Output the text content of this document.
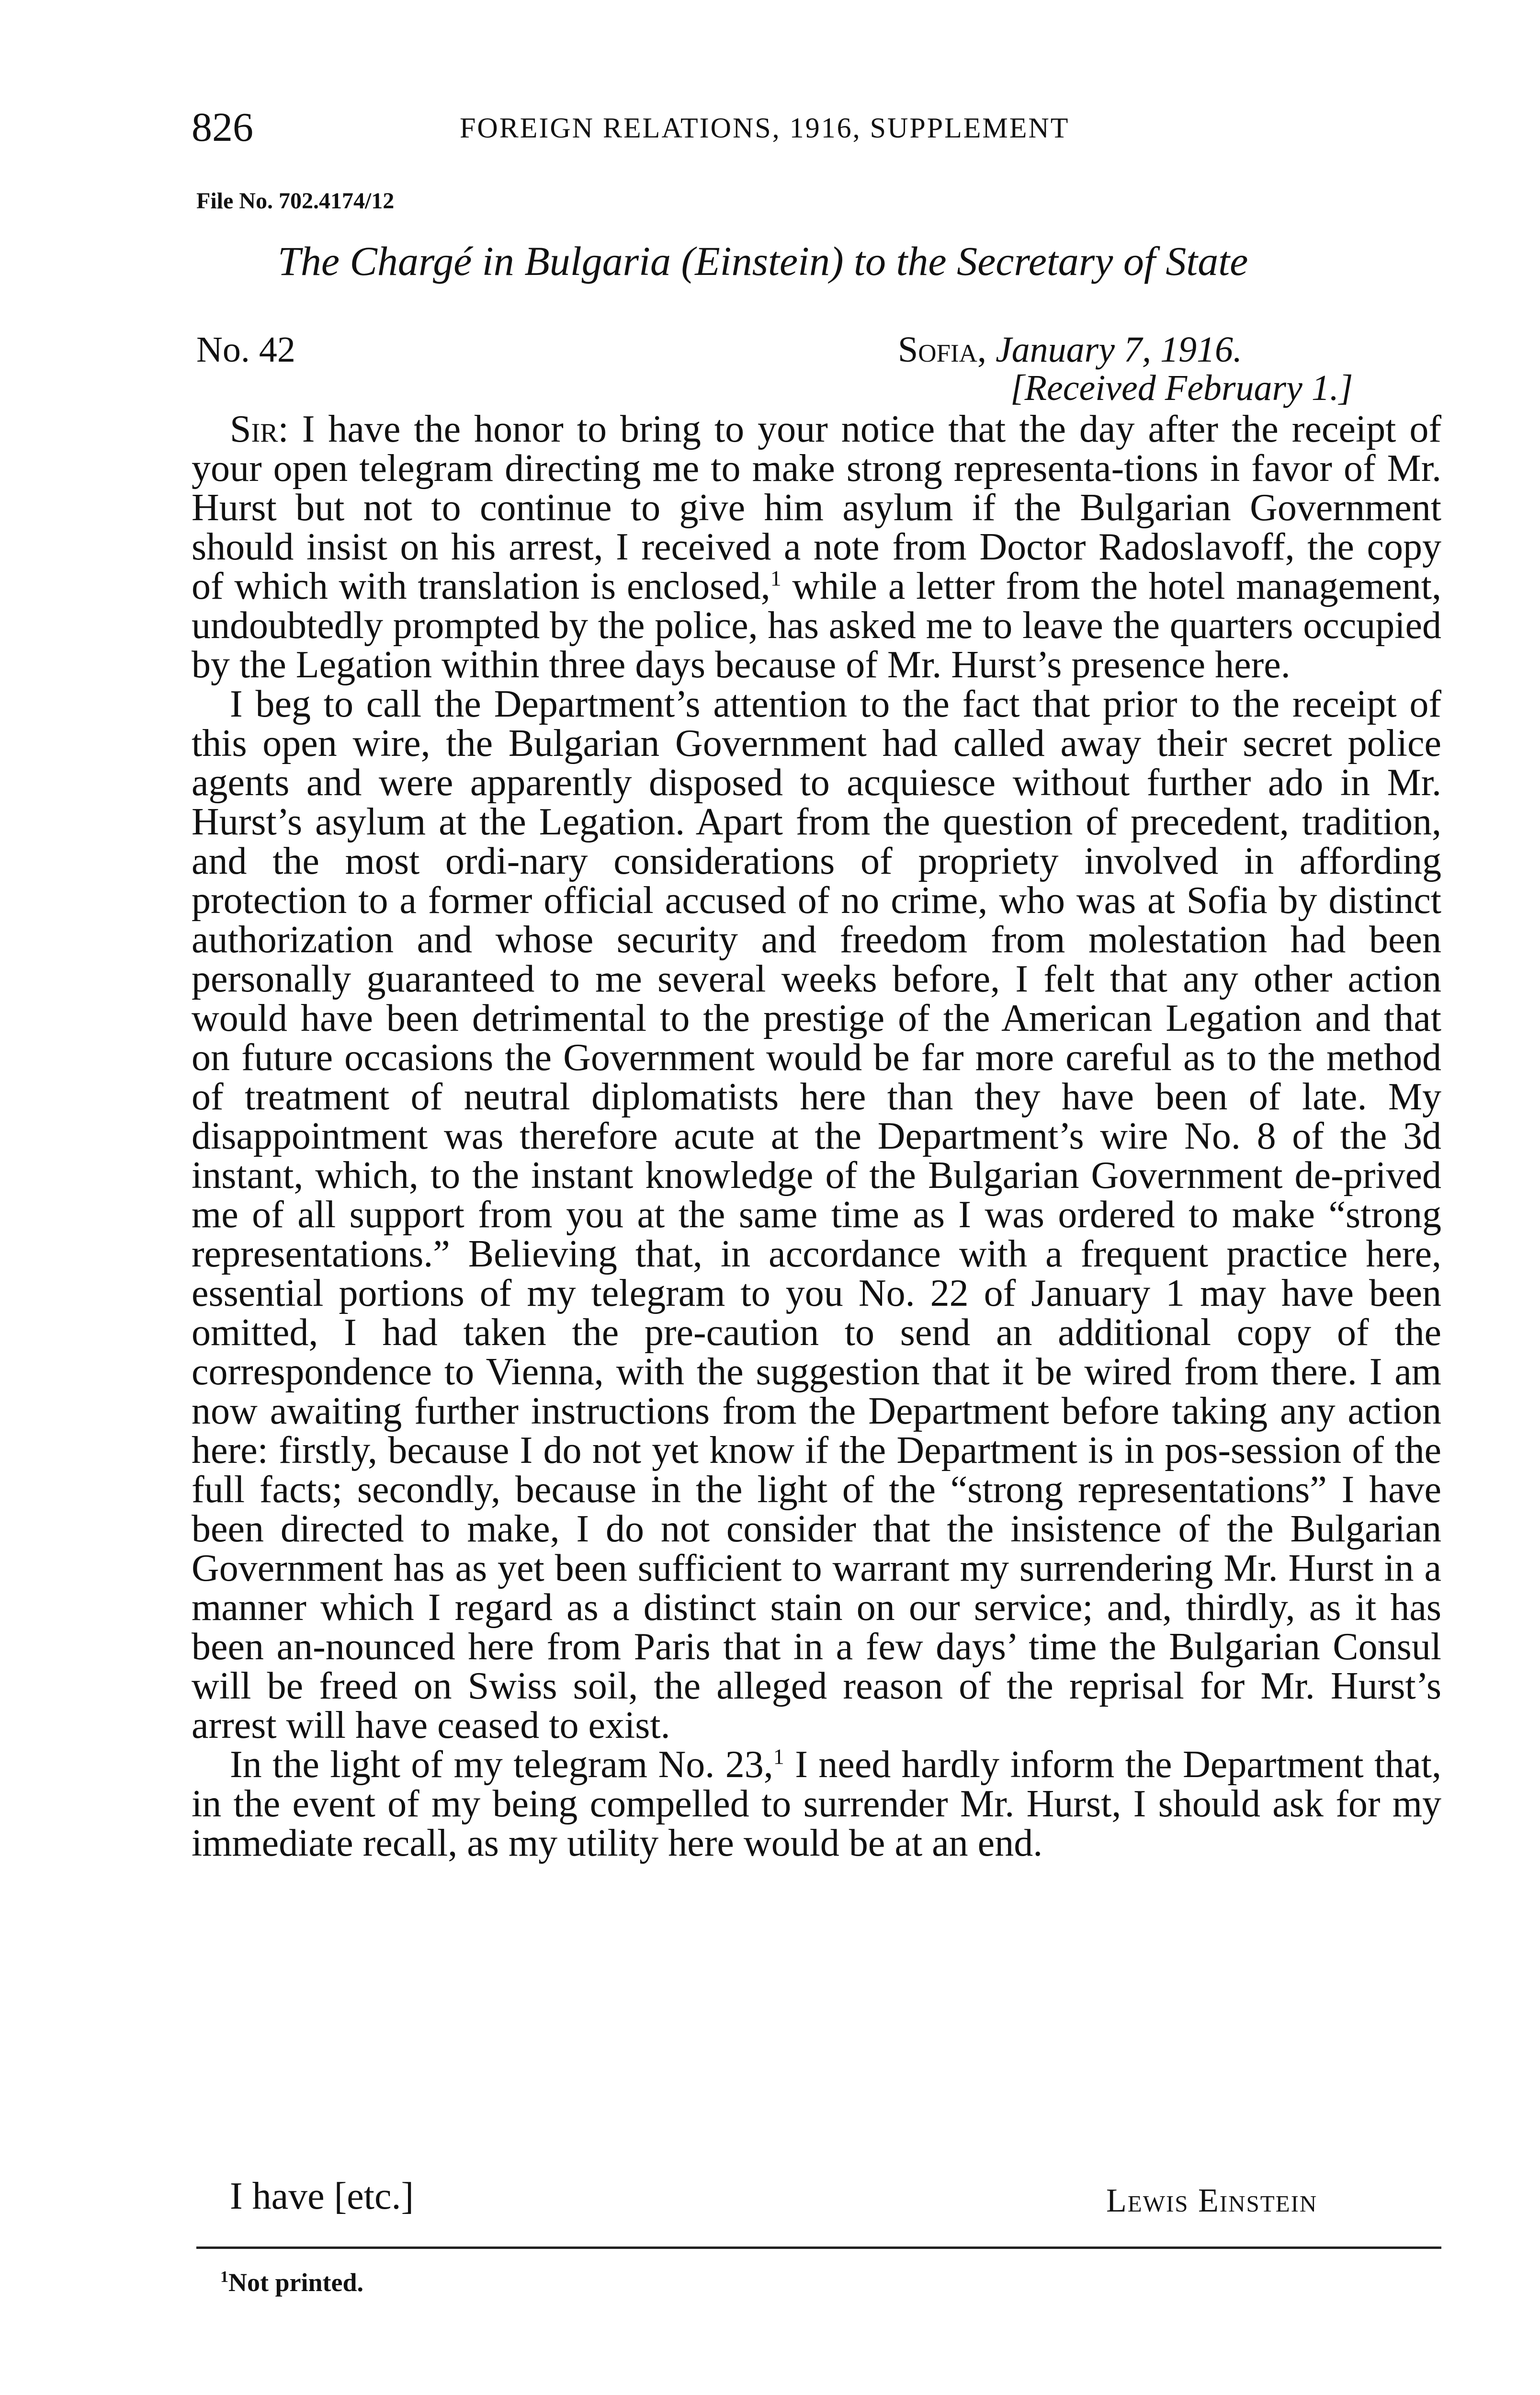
826	FOREIGN RELATIONS, 1916, SUPPLEMENT
File No. 702.4174/12
The Chargé in Bulgaria (Einstein) to the Secretary of State
No. 42	Sofia, January 7, 1916.
[Received February 1.]

Sir: I have the honor to bring to your notice that the day after the receipt of your open telegram directing me to make strong representa-tions in favor of Mr. Hurst but not to continue to give him asylum if the Bulgarian Government should insist on his arrest, I received a note from Doctor Radoslavoff, the copy of which with translation is enclosed,$^1$ while a letter from the hotel management, undoubtedly prompted by the police, has asked me to leave the quarters occupied by the Legation within three days because of Mr. Hurst’s presence here.

I beg to call the Department’s attention to the fact that prior to the receipt of this open wire, the Bulgarian Government had called away their secret police agents and were apparently disposed to acquiesce without further ado in Mr. Hurst’s asylum at the Legation. Apart from the question of precedent, tradition, and the most ordi-nary considerations of propriety involved in affording protection to a former official accused of no crime, who was at Sofia by distinct authorization and whose security and freedom from molestation had been personally guaranteed to me several weeks before, I felt that any other action would have been detrimental to the prestige of the American Legation and that on future occasions the Government would be far more careful as to the method of treatment of neutral diplomatists here than they have been of late. My disappointment was therefore acute at the Department’s wire No. 8 of the 3d instant, which, to the instant knowledge of the Bulgarian Government de-prived me of all support from you at the same time as I was ordered to make “strong representations.” Believing that, in accordance with a frequent practice here, essential portions of my telegram to you No. 22 of January 1 may have been omitted, I had taken the pre-caution to send an additional copy of the correspondence to Vienna, with the suggestion that it be wired from there. I am now awaiting further instructions from the Department before taking any action here: firstly, because I do not yet know if the Department is in pos-session of the full facts; secondly, because in the light of the “strong representations” I have been directed to make, I do not consider that the insistence of the Bulgarian Government has as yet been sufficient to warrant my surrendering Mr. Hurst in a manner which I regard as a distinct stain on our service; and, thirdly, as it has been an-nounced here from Paris that in a few days’ time the Bulgarian Consul will be freed on Swiss soil, the alleged reason of the reprisal for Mr. Hurst’s arrest will have ceased to exist.

In the light of my telegram No. 23,$^1$ I need hardly inform the Department that, in the event of my being compelled to surrender Mr. Hurst, I should ask for my immediate recall, as my utility here would be at an end.

I have [etc.]	Lewis Einstein
$^1$Not printed.
